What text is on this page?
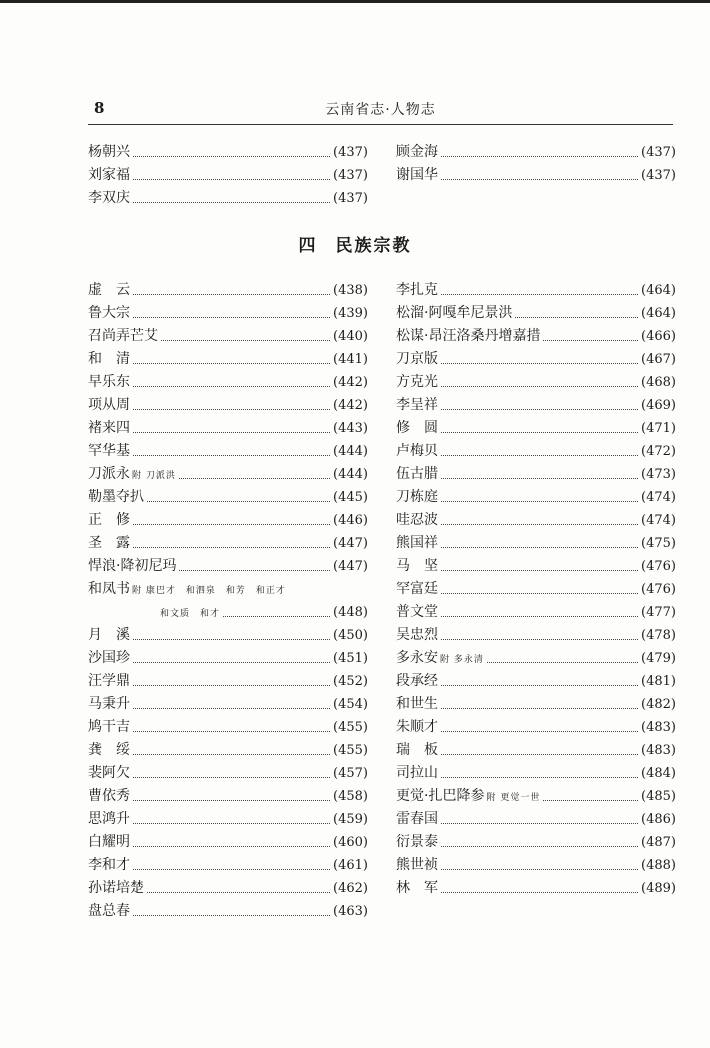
8	云南省志·人物志
杨朝兴	(437)
刘家福	(437)
李双庆	(437)
顾金海	(437)
谢国华	(437)
四 民族宗教
虚　云	(438)
鲁大宗	(439)
召尚弄芒艾	(440)
和　清	(441)
早乐东	(442)
项从周	(442)
褚来四	(443)
罕华基	(444)
刀派永 附 刀派洪	(444)
勒墨夺扒	(445)
正　修	(446)
圣　露	(447)
悍浪·降初尼玛	(447)
和凤书 附 康巴才　和泗泉　和芳　和正才
和文质　和才	(448)
月　溪	(450)
沙国珍	(451)
汪学鼎	(452)
马秉升	(454)
鸠干吉	(455)
龚　绥	(455)
裴阿欠	(457)
曹依秀	(458)
思鸿升	(459)
白耀明	(460)
李和才	(461)
孙诺培楚	(462)
盘总春	(463)
李扎克	(464)
松溜·阿嘎牟尼景洪	(464)
松谋·昂汪洛桑丹增嘉措	(466)
刀京版	(467)
方克光	(468)
李呈祥	(469)
修　圆	(471)
卢梅贝	(472)
伍古腊	(473)
刀栋庭	(474)
哇忍波	(474)
熊国祥	(475)
马　坚	(476)
罕富廷	(476)
普文堂	(477)
吴忠烈	(478)
多永安 附 多永清	(479)
段承经	(481)
和世生	(482)
朱顺才	(483)
瑞　板	(483)
司拉山	(484)
更觉·扎巴降参 附 更觉一世	(485)
雷春国	(486)
衍景泰	(487)
熊世祯	(488)
林　军	(489)
